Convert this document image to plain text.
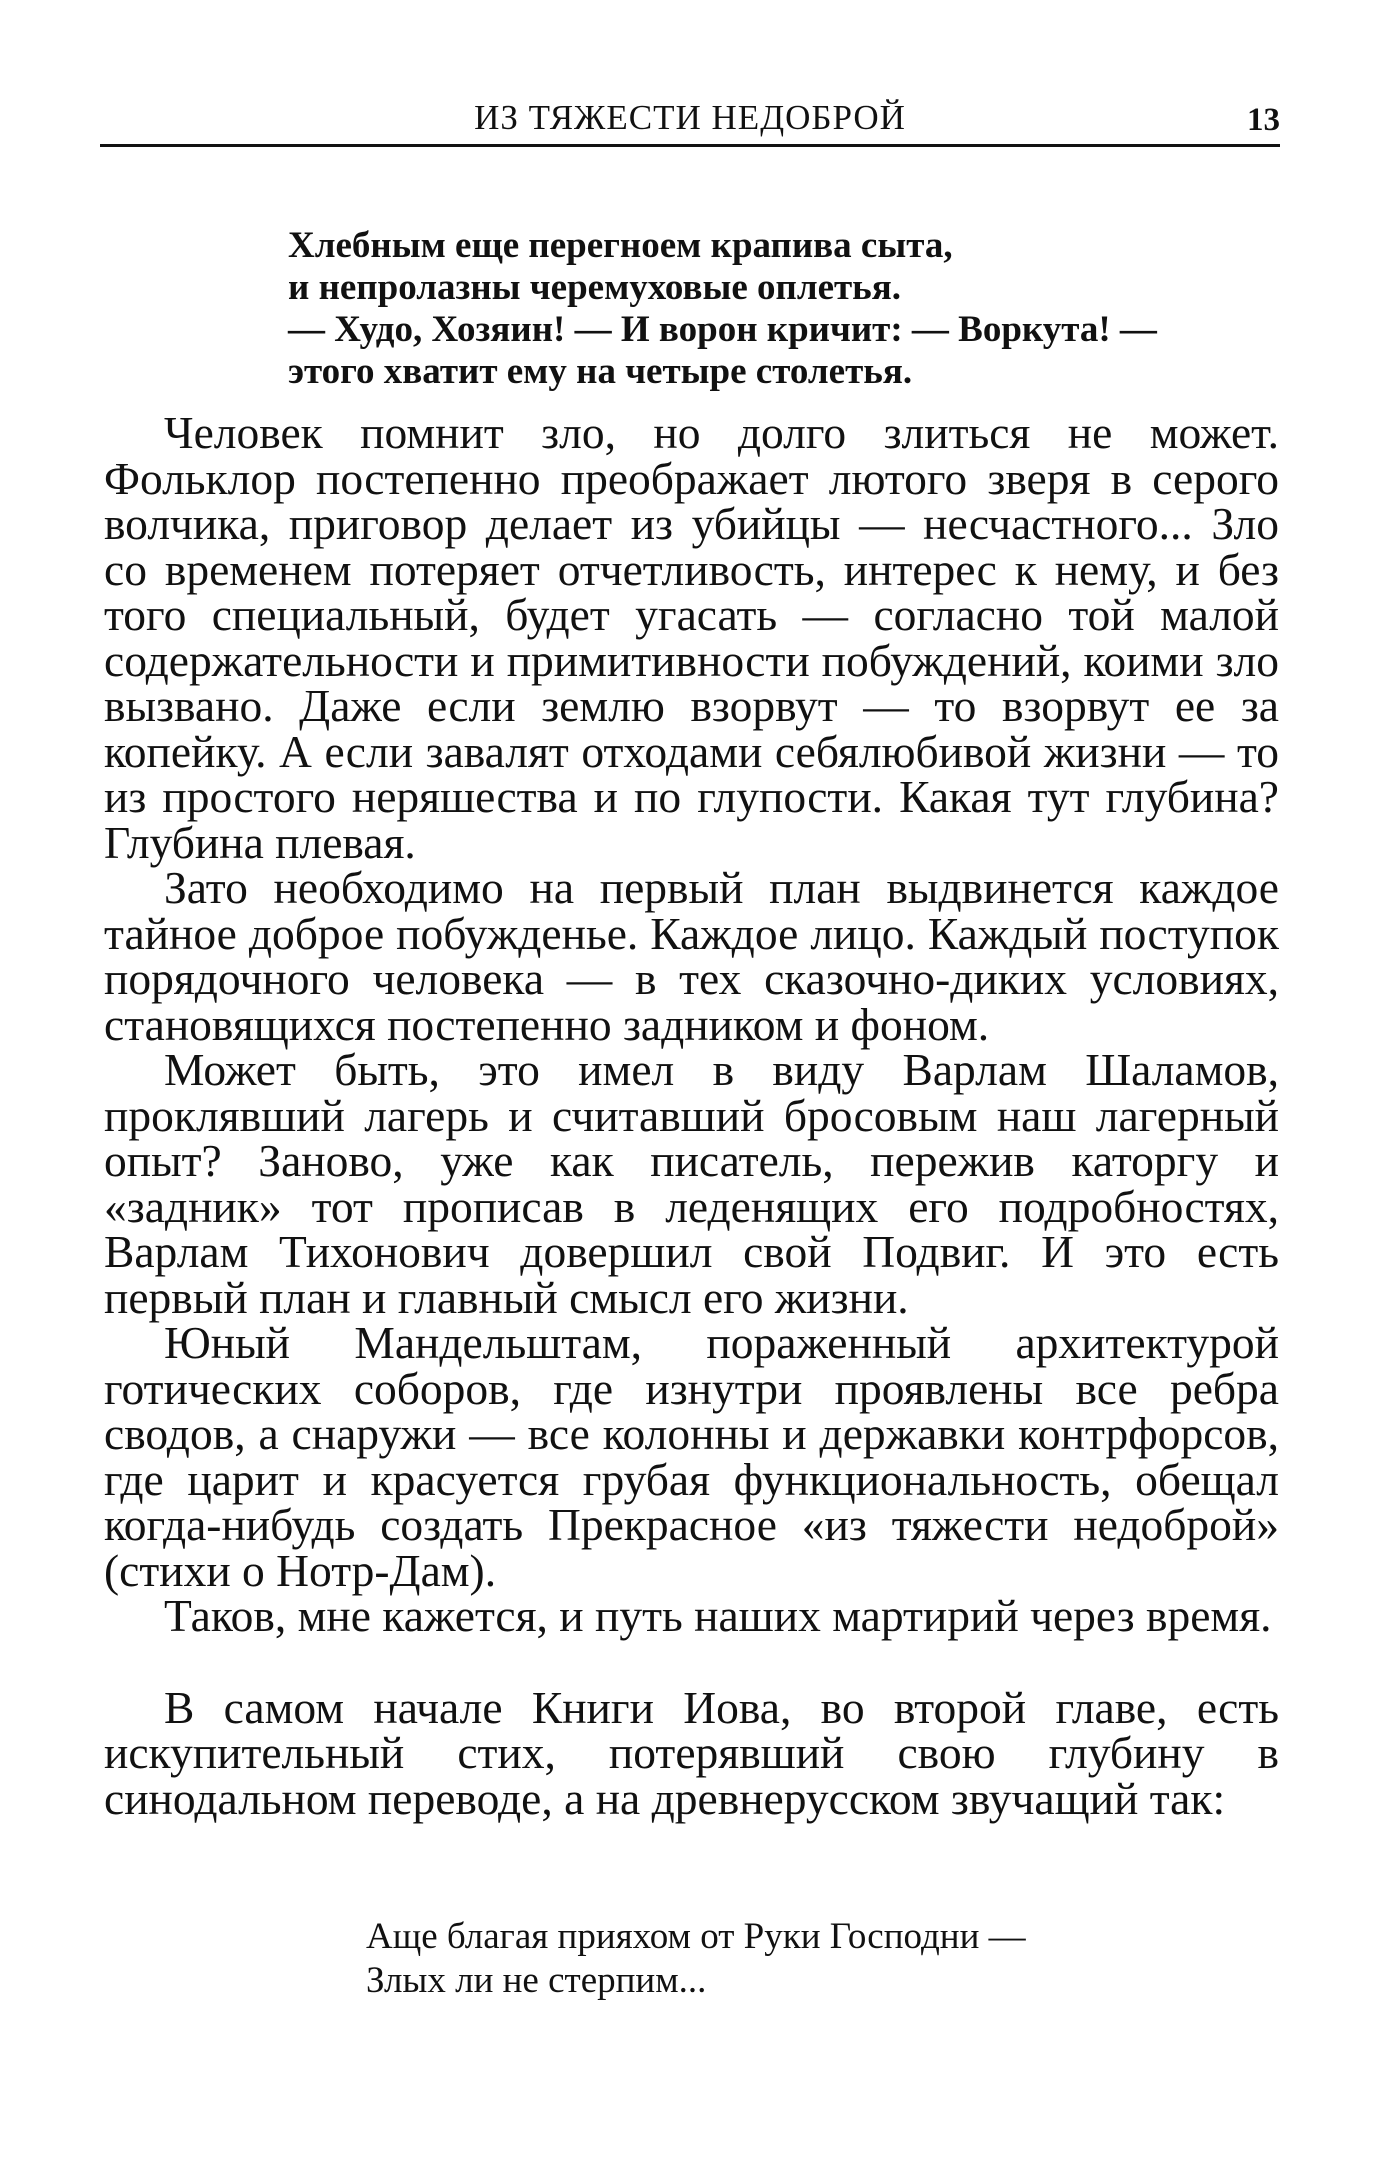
ИЗ ТЯЖЕСТИ НЕДОБРОЙ	13
Хлебным еще перегноем крапива сыта,
и непролазны черемуховые оплетья.
— Худо, Хозяин! — И ворон кричит: — Воркута! —
этого хватит ему на четыре столетья.

Человек помнит зло, но долго злиться не может. Фольклор постепенно преображает лютого зверя в серого волчика, приговор делает из убийцы — несчастного... Зло со временем потеряет отчетливость, интерес к нему, и без того специальный, будет угасать — согласно той малой содержательности и примитивности побуждений, коими зло вызвано. Даже если землю взорвут — то взорвут ее за копейку. А если завалят отходами себялюбивой жизни — то из простого неряшества и по глупости. Какая тут глубина? Глубина плевая.

Зато необходимо на первый план выдвинется каждое тайное доброе побужденье. Каждое лицо. Каждый поступок порядочного человека — в тех сказочно-диких условиях, становящихся постепенно задником и фоном.

Может быть, это имел в виду Варлам Шаламов, проклявший лагерь и считавший бросовым наш лагерный опыт? Заново, уже как писатель, пережив каторгу и «задник» тот прописав в леденящих его подробностях, Варлам Тихонович довершил свой Подвиг. И это есть первый план и главный смысл его жизни.

Юный Мандельштам, пораженный архитектурой готических соборов, где изнутри проявлены все ребра сводов, а снаружи — все колонны и державки контрфорсов, где царит и красуется грубая функциональность, обещал когда-нибудь создать Прекрасное «из тяжести недоброй» (стихи о Нотр-Дам).

Таков, мне кажется, и путь наших мартирий через время.

В самом начале Книги Иова, во второй главе, есть искупительный стих, потерявший свою глубину в синодальном переводе, а на древнерусском звучащий так:

Аще благая прияхом от Руки Господни —
Злых ли не стерпим...
